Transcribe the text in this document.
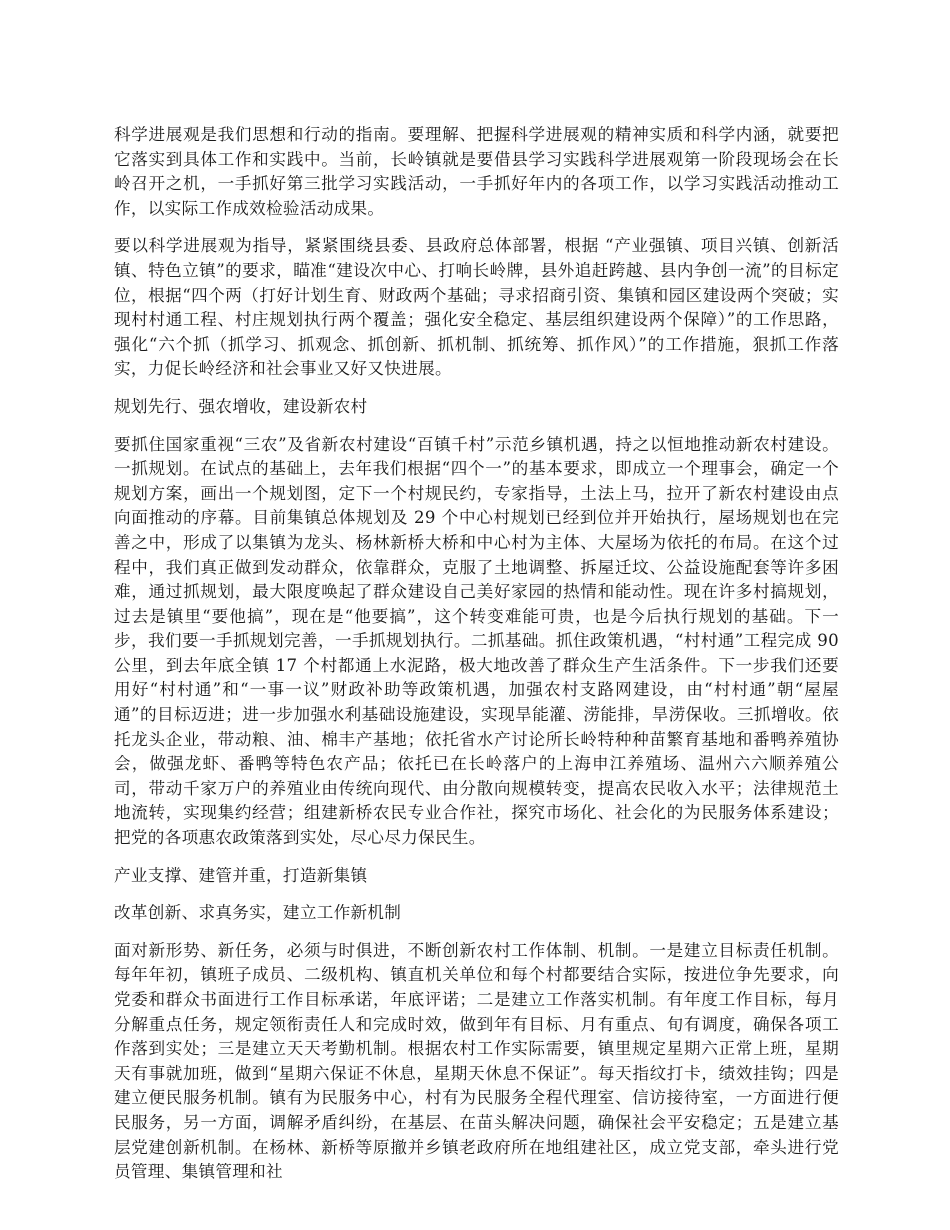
科学进展观是我们思想和行动的指南。要理解、把握科学进展观的精神实质和科学内涵，就要把它落实到具体工作和实践中。当前，长岭镇就是要借县学习实践科学进展观第一阶段现场会在长岭召开之机，一手抓好第三批学习实践活动，一手抓好年内的各项工作，以学习实践活动推动工作，以实际工作成效检验活动成果。

要以科学进展观为指导，紧紧围绕县委、县政府总体部署，根据 “产业强镇、项目兴镇、创新活镇、特色立镇”的要求，瞄准“建设次中心、打响长岭牌，县外追赶跨越、县内争创一流”的目标定位，根据“四个两（打好计划生育、财政两个基础；寻求招商引资、集镇和园区建设两个突破；实现村村通工程、村庄规划执行两个覆盖；强化安全稳定、基层组织建设两个保障）”的工作思路，强化“六个抓（抓学习、抓观念、抓创新、抓机制、抓统筹、抓作风）”的工作措施，狠抓工作落实，力促长岭经济和社会事业又好又快进展。

规划先行、强农增收，建设新农村

要抓住国家重视“三农”及省新农村建设“百镇千村”示范乡镇机遇，持之以恒地推动新农村建设。一抓规划。在试点的基础上，去年我们根据“四个一”的基本要求，即成立一个理事会，确定一个规划方案，画出一个规划图，定下一个村规民约，专家指导，土法上马，拉开了新农村建设由点向面推动的序幕。目前集镇总体规划及 29 个中心村规划已经到位并开始执行，屋场规划也在完善之中，形成了以集镇为龙头、杨林新桥大桥和中心村为主体、大屋场为依托的布局。在这个过程中，我们真正做到发动群众，依靠群众，克服了土地调整、拆屋迁坟、公益设施配套等许多困难，通过抓规划，最大限度唤起了群众建设自己美好家园的热情和能动性。现在许多村搞规划，过去是镇里“要他搞”，现在是“他要搞”，这个转变难能可贵，也是今后执行规划的基础。下一步，我们要一手抓规划完善，一手抓规划执行。二抓基础。抓住政策机遇，“村村通”工程完成 90 公里，到去年底全镇 17 个村都通上水泥路，极大地改善了群众生产生活条件。下一步我们还要用好“村村通”和“一事一议”财政补助等政策机遇，加强农村支路网建设，由“村村通”朝“屋屋通”的目标迈进；进一步加强水利基础设施建设，实现旱能灌、涝能排，旱涝保收。三抓增收。依托龙头企业，带动粮、油、棉丰产基地；依托省水产讨论所长岭特种种苗繁育基地和番鸭养殖协会，做强龙虾、番鸭等特色农产品；依托已在长岭落户的上海申江养殖场、温州六六顺养殖公司，带动千家万户的养殖业由传统向现代、由分散向规模转变，提高农民收入水平；法律规范土地流转，实现集约经营；组建新桥农民专业合作社，探究市场化、社会化的为民服务体系建设；把党的各项惠农政策落到实处，尽心尽力保民生。

产业支撑、建管并重，打造新集镇

改革创新、求真务实，建立工作新机制

面对新形势、新任务，必须与时俱进，不断创新农村工作体制、机制。一是建立目标责任机制。每年年初，镇班子成员、二级机构、镇直机关单位和每个村都要结合实际，按进位争先要求，向党委和群众书面进行工作目标承诺，年底评诺；二是建立工作落实机制。有年度工作目标，每月分解重点任务，规定领衔责任人和完成时效，做到年有目标、月有重点、旬有调度，确保各项工作落到实处；三是建立天天考勤机制。根据农村工作实际需要，镇里规定星期六正常上班，星期天有事就加班，做到“星期六保证不休息，星期天休息不保证”。每天指纹打卡，绩效挂钩；四是建立便民服务机制。镇有为民服务中心，村有为民服务全程代理室、信访接待室，一方面进行便民服务，另一方面，调解矛盾纠纷，在基层、在苗头解决问题，确保社会平安稳定；五是建立基层党建创新机制。在杨林、新桥等原撤并乡镇老政府所在地组建社区，成立党支部，牵头进行党员管理、集镇管理和社
